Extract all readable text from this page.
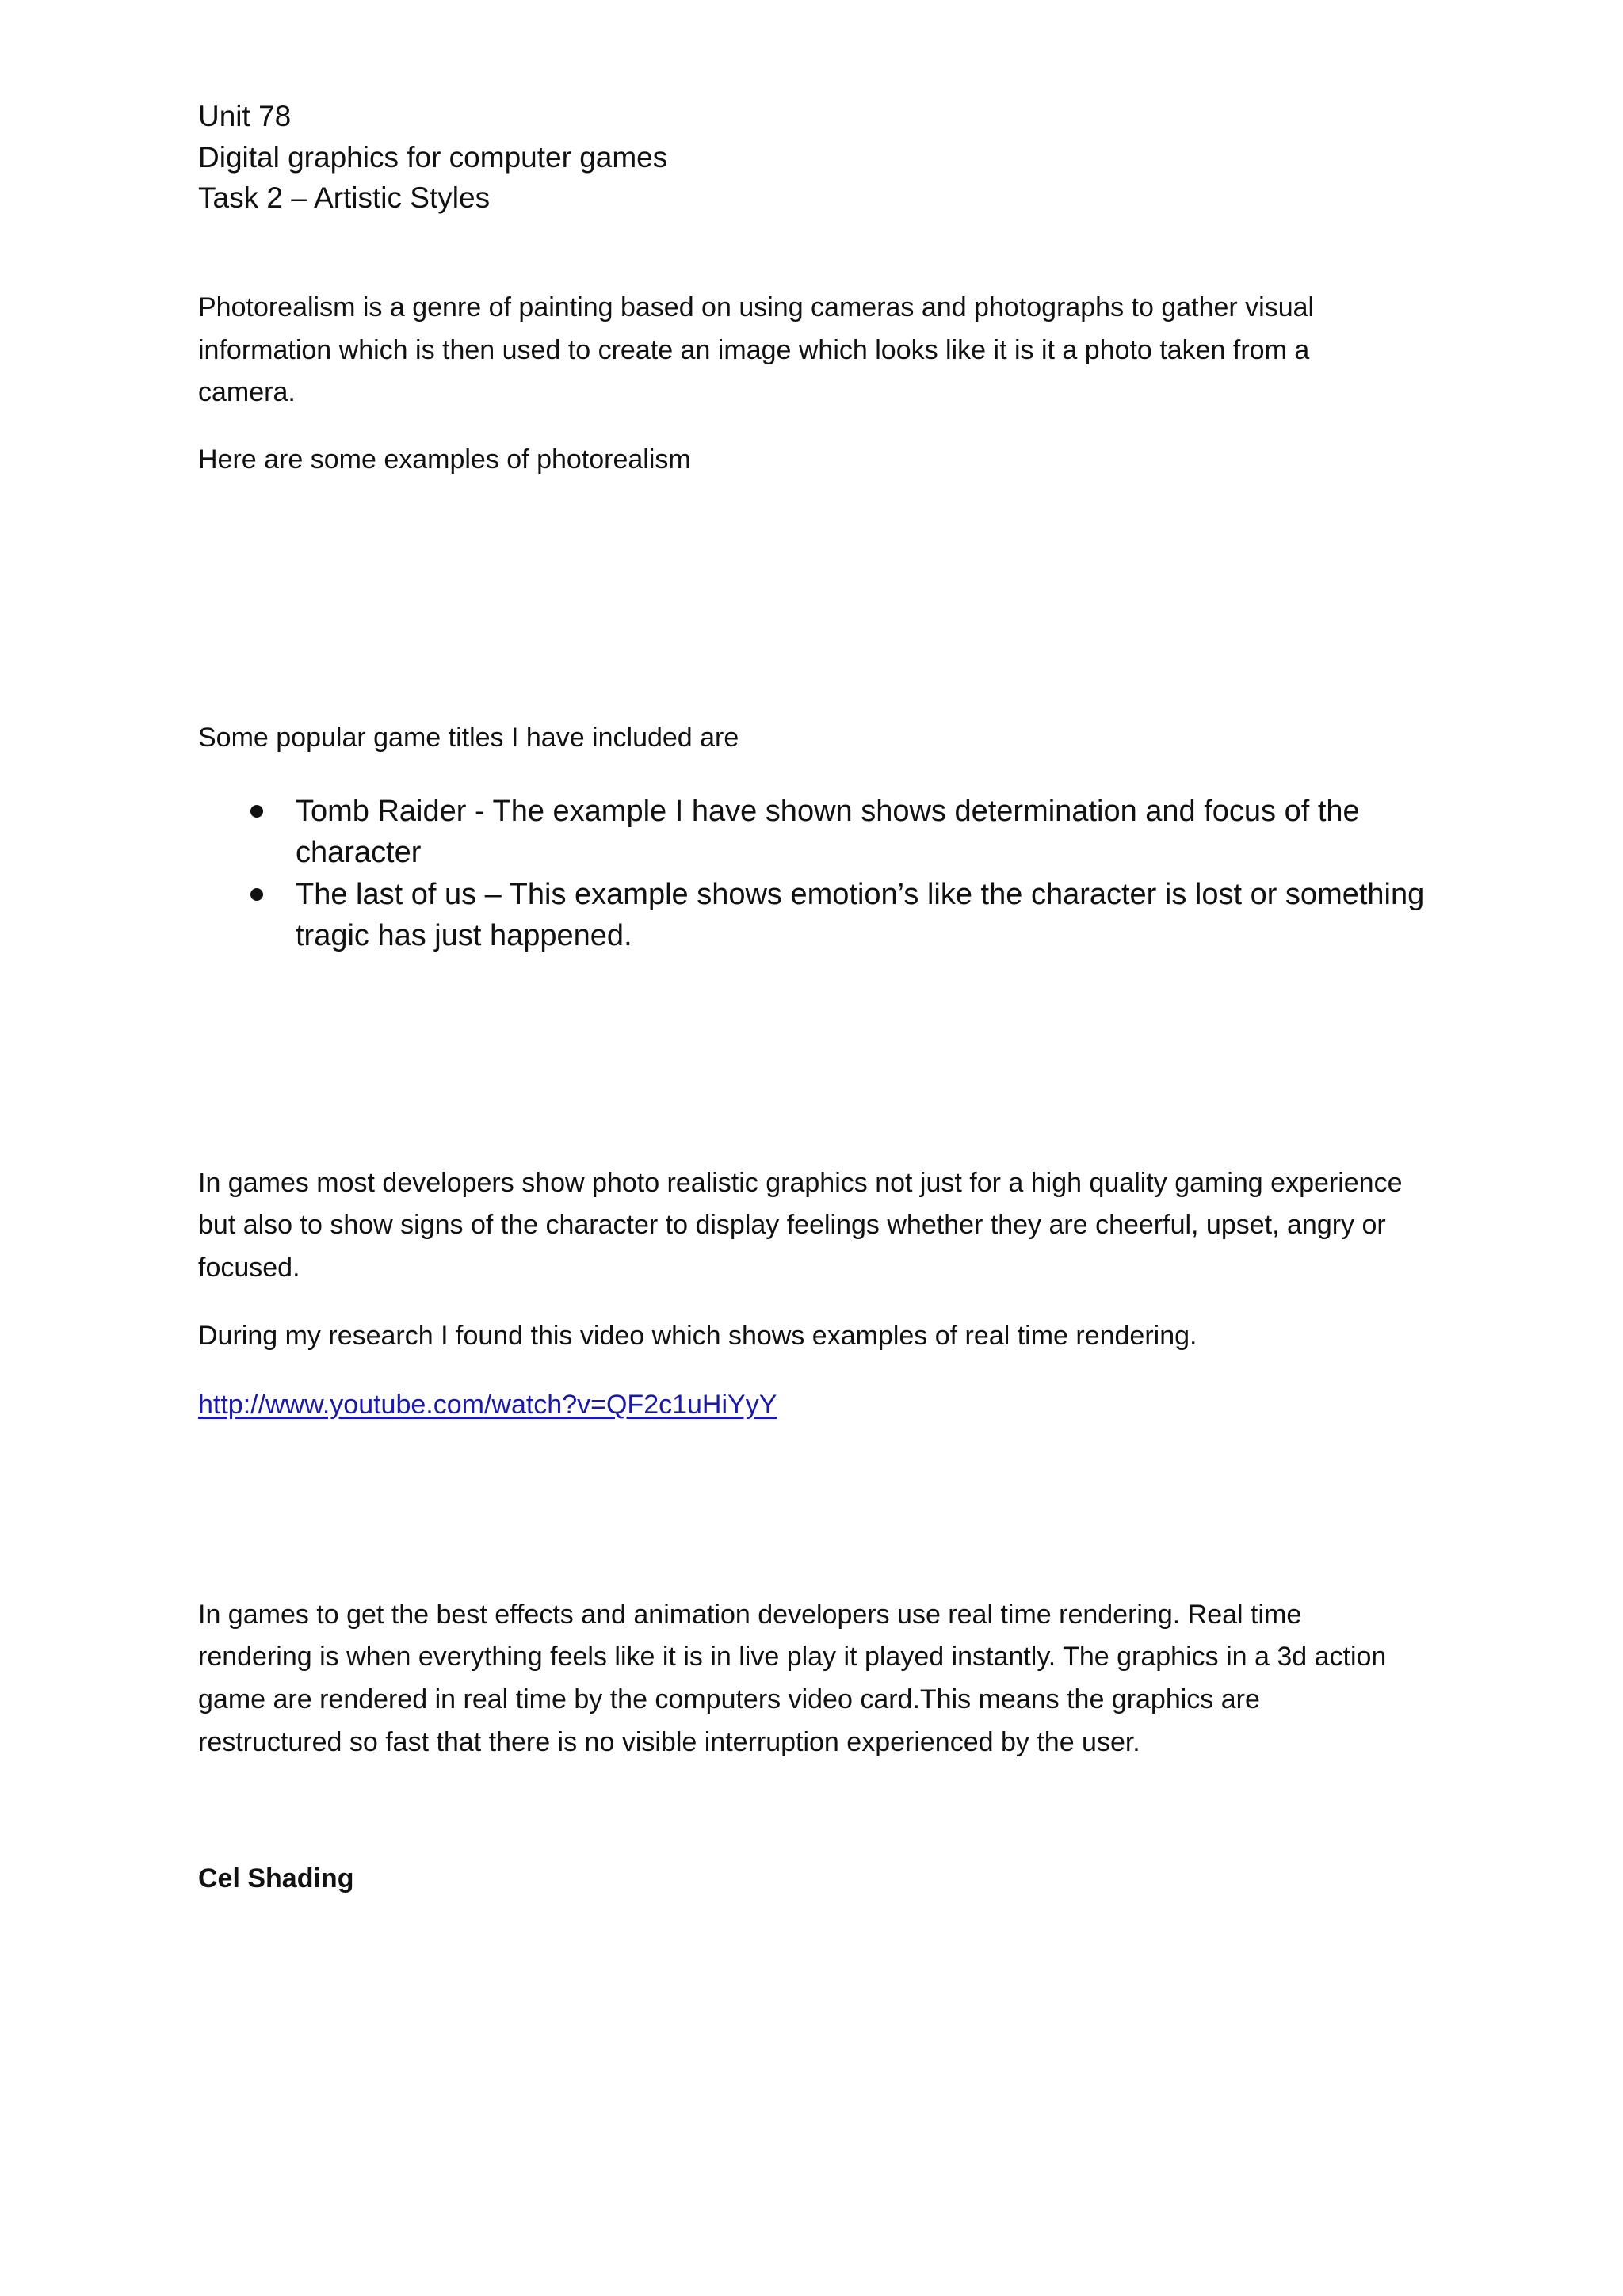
Unit 78
Digital graphics for computer games
Task 2 – Artistic Styles
Photorealism is a genre of painting based on using cameras and photographs to gather visual
information which is then used to create an image which looks like it is it a photo taken from a
camera.
Here are some examples of photorealism
Some popular game titles I have included are
Tomb Raider - The example I have shown shows determination and focus of the
character
The last of us – This example shows emotion’s like the character is lost or something
tragic has just happened.
In games most developers show photo realistic graphics not just for a high quality gaming experience
but also to show signs of the character to display feelings whether they are cheerful, upset, angry or
focused.
During my research I found this video which shows examples of real time rendering.
http://www.youtube.com/watch?v=QF2c1uHiYyY
In games to get the best effects and animation developers use real time rendering. Real time
rendering is when everything feels like it is in live play it played instantly. The graphics in a 3d action
game are rendered in real time by the computers video card.This means the graphics are
restructured so fast that there is no visible interruption experienced by the user.
Cel Shading
